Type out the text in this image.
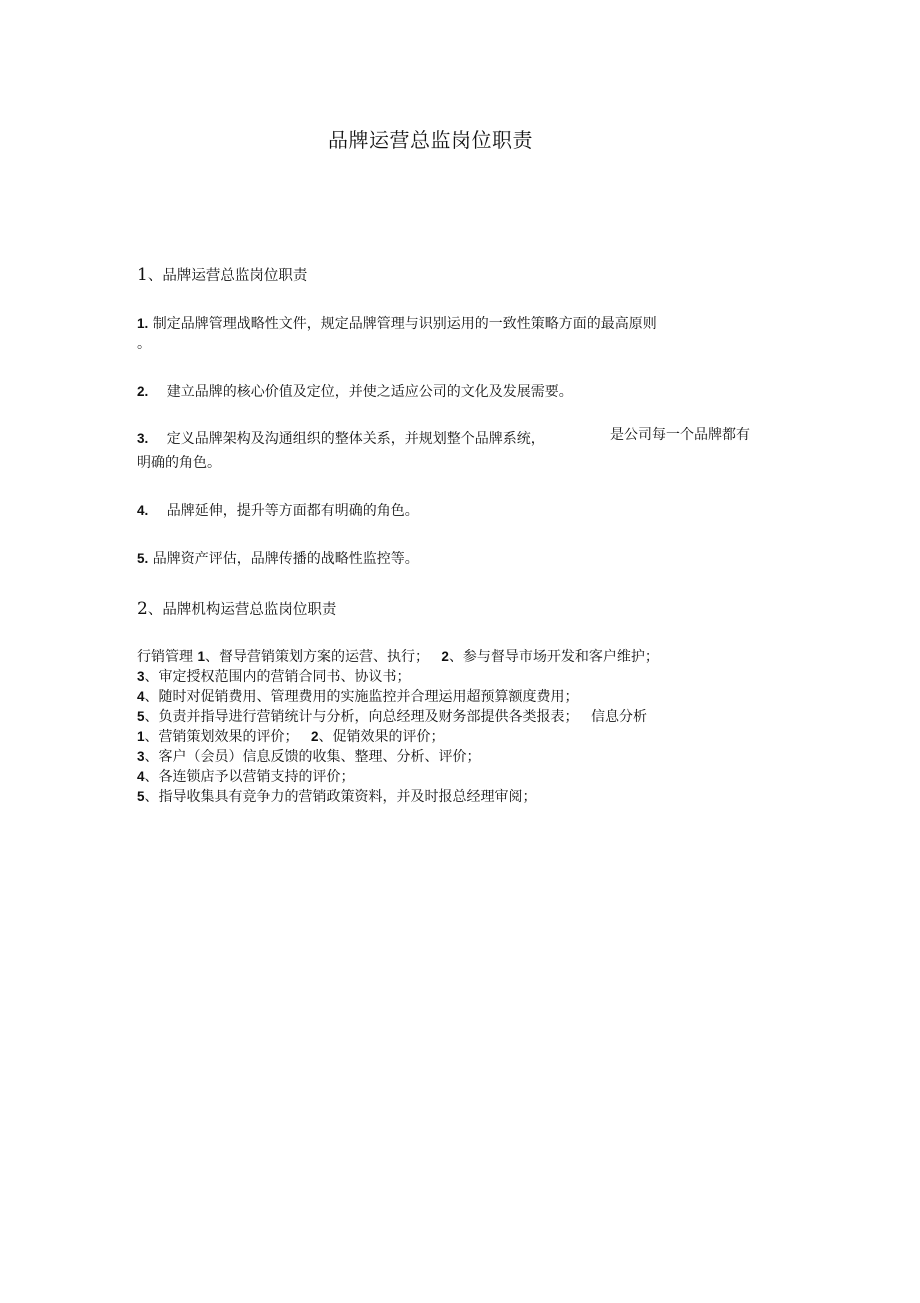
品牌运营总监岗位职责
1、品牌运营总监岗位职责
1. 制定品牌管理战略性文件，规定品牌管理与识别运用的一致性策略方面的最高原则
。
2. 建立品牌的核心价值及定位，并使之适应公司的文化及发展需要。
3. 定义品牌架构及沟通组织的整体关系，并规划整个品牌系统，	是公司每一个品牌都有
明确的角色。
4. 品牌延伸，提升等方面都有明确的角色。
5. 品牌资产评估，品牌传播的战略性监控等。
2、品牌机构运营总监岗位职责
行销管理 1、督导营销策划方案的运营、执行； 2、参与督导市场开发和客户维护；
3、审定授权范围内的营销合同书、协议书；
4、随时对促销费用、管理费用的实施监控并合理运用超预算额度费用；
5、负责并指导进行营销统计与分析，向总经理及财务部提供各类报表； 信息分析
1、营销策划效果的评价； 2、促销效果的评价；
3、客户（会员）信息反馈的收集、整理、分析、评价；
4、各连锁店予以营销支持的评价；
5、指导收集具有竞争力的营销政策资料，并及时报总经理审阅；
